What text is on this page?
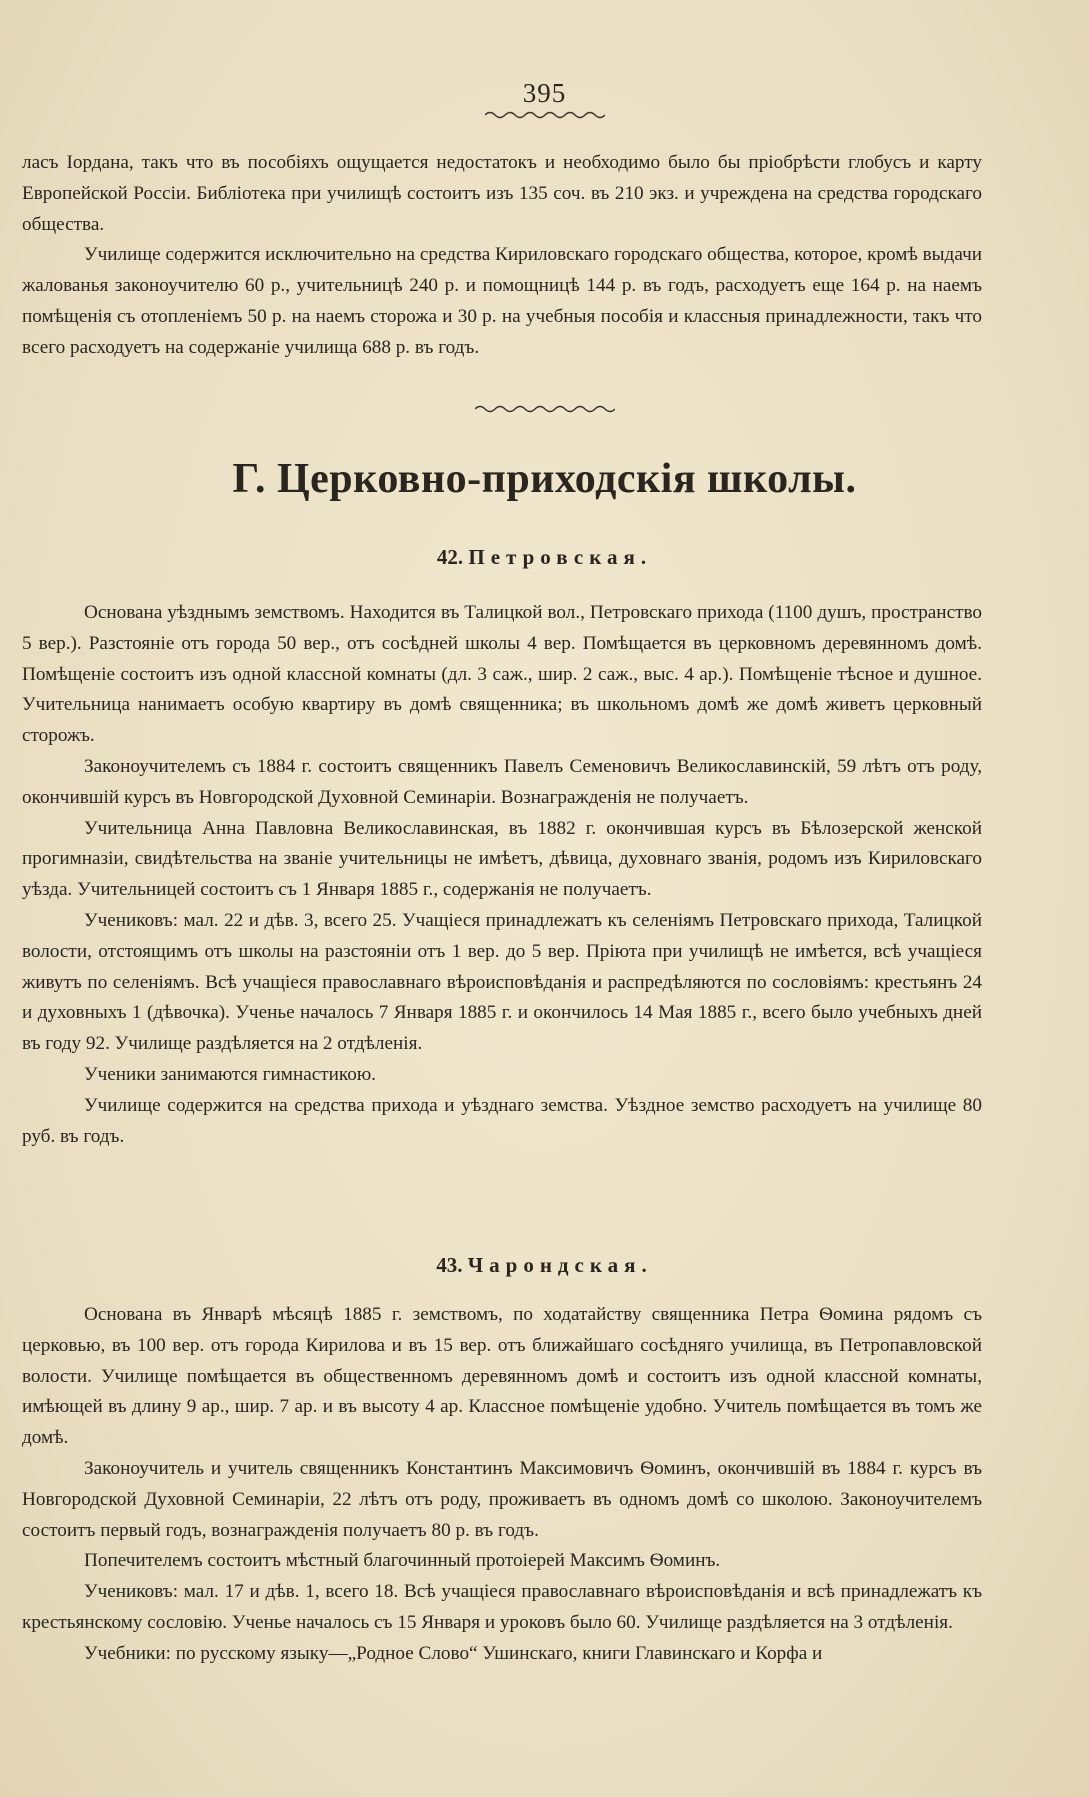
395

ласъ Іордана, такъ что въ пособіяхъ ощущается недостатокъ и необходимо было бы пріобрѣсти глобусъ и карту Европейской Россіи. Библіотека при училищѣ состоитъ изъ 135 соч. въ 210 экз. и учреждена на средства городскаго общества.

Училище содержится исключительно на средства Кириловскаго городскаго общества, которое, кромѣ выдачи жалованья законоучителю 60 р., учительницѣ 240 р. и помощницѣ 144 р. въ годъ, расходуетъ еще 164 р. на наемъ помѣщенія съ отопленіемъ 50 р. на наемъ сторожа и 30 р. на учебныя пособія и классныя принадлежности, такъ что всего расходуетъ на содержаніе училища 688 р. въ годъ.

Г. Церковно-приходскія школы.
42. Петровская.

Основана уѣзднымъ земствомъ. Находится въ Талицкой вол., Петровскаго прихода (1100 душъ, пространство 5 вер.). Разстояніе отъ города 50 вер., отъ сосѣдней школы 4 вер. Помѣщается въ церковномъ деревянномъ домѣ. Помѣщеніе состоитъ изъ одной классной комнаты (дл. 3 саж., шир. 2 саж., выс. 4 ар.). Помѣщеніе тѣсное и душное. Учительница нанимаетъ особую квартиру въ домѣ священника; въ школьномъ домѣ же домѣ живетъ церковный сторожъ.

Законоучителемъ съ 1884 г. состоитъ священникъ Павелъ Семеновичъ Великославинскій, 59 лѣтъ отъ роду, окончившій курсъ въ Новгородской Духовной Семинаріи. Вознагражденія не получаетъ.

Учительница Анна Павловна Великославинская, въ 1882 г. окончившая курсъ въ Бѣлозерской женской прогимназіи, свидѣтельства на званіе учительницы не имѣетъ, дѣвица, духовнаго званія, родомъ изъ Кириловскаго уѣзда. Учительницей состоитъ съ 1 Января 1885 г., содержанія не получаетъ.

Учениковъ: мал. 22 и дѣв. 3, всего 25. Учащіеся принадлежатъ къ селеніямъ Петровскаго прихода, Талицкой волости, отстоящимъ отъ школы на разстояніи отъ 1 вер. до 5 вер. Пріюта при училищѣ не имѣется, всѣ учащіеся живутъ по селеніямъ. Всѣ учащіеся православнаго вѣроисповѣданія и распредѣляются по сословіямъ: крестьянъ 24 и духовныхъ 1 (дѣвочка). Ученье началось 7 Января 1885 г. и окончилось 14 Мая 1885 г., всего было учебныхъ дней въ году 92. Училище раздѣляется на 2 отдѣленія.

Ученики занимаются гимнастикою.

Училище содержится на средства прихода и уѣзднаго земства. Уѣздное земство расходуетъ на училище 80 руб. въ годъ.

43. Чарондская.

Основана въ Январѣ мѣсяцѣ 1885 г. земствомъ, по ходатайству священника Петра Ѳомина рядомъ съ церковью, въ 100 вер. отъ города Кирилова и въ 15 вер. отъ ближайшаго сосѣдняго училища, въ Петропавловской волости. Училище помѣщается въ общественномъ деревянномъ домѣ и состоитъ изъ одной классной комнаты, имѣющей въ длину 9 ар., шир. 7 ар. и въ высоту 4 ар. Классное помѣщеніе удобно. Учитель помѣщается въ томъ же домѣ.

Законоучитель и учитель священникъ Константинъ Максимовичъ Ѳоминъ, окончившій въ 1884 г. курсъ въ Новгородской Духовной Семинаріи, 22 лѣтъ отъ роду, проживаетъ въ одномъ домѣ со школою. Законоучителемъ состоитъ первый годъ, вознагражденія получаетъ 80 р. въ годъ.

Попечителемъ состоитъ мѣстный благочинный протоіерей Максимъ Ѳоминъ.

Учениковъ: мал. 17 и дѣв. 1, всего 18. Всѣ учащіеся православнаго вѣроисповѣданія и всѣ принадлежатъ къ крестьянскому сословію. Ученье началось съ 15 Января и уроковъ было 60. Училище раздѣляется на 3 отдѣленія.

Учебники: по русскому языку—„Родное Слово“ Ушинскаго, книги Главинскаго и Корфа и
